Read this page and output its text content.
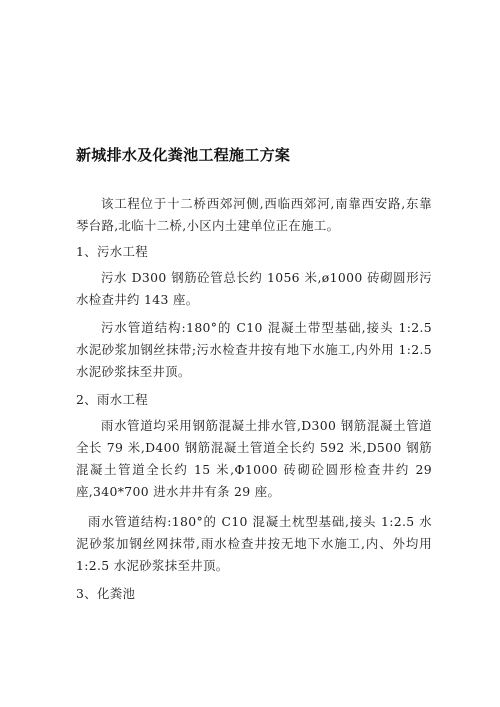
新城排水及化粪池工程施工方案

该工程位于十二桥西郊河侧,西临西郊河,南靠西安路,东靠琴台路,北临十二桥,小区内土建单位正在施工。

1、污水工程

污水 D300 钢筋砼管总长约 1056 米,ø1000 砖砌圆形污水检查井约 143 座。

污水管道结构:180°的 C10 混凝土带型基础,接头 1:2.5 水泥砂浆加钢丝抹带;污水检查井按有地下水施工,内外用 1:2.5 水泥砂浆抹至井顶。

2、雨水工程

雨水管道均采用钢筋混凝土排水管,D300 钢筋混凝土管道全长 79 米,D400 钢筋混凝土管道全长约 592 米,D500 钢筋混凝土管道全长约 15 米,Φ1000 砖砌砼圆形检查井约 29 座,340*700 进水井井有条 29 座。

雨水管道结构:180°的 C10 混凝土枕型基础,接头 1:2.5 水泥砂浆加钢丝网抹带,雨水检查井按无地下水施工,内、外均用 1:2.5 水泥砂浆抹至井顶。

3、化粪池
